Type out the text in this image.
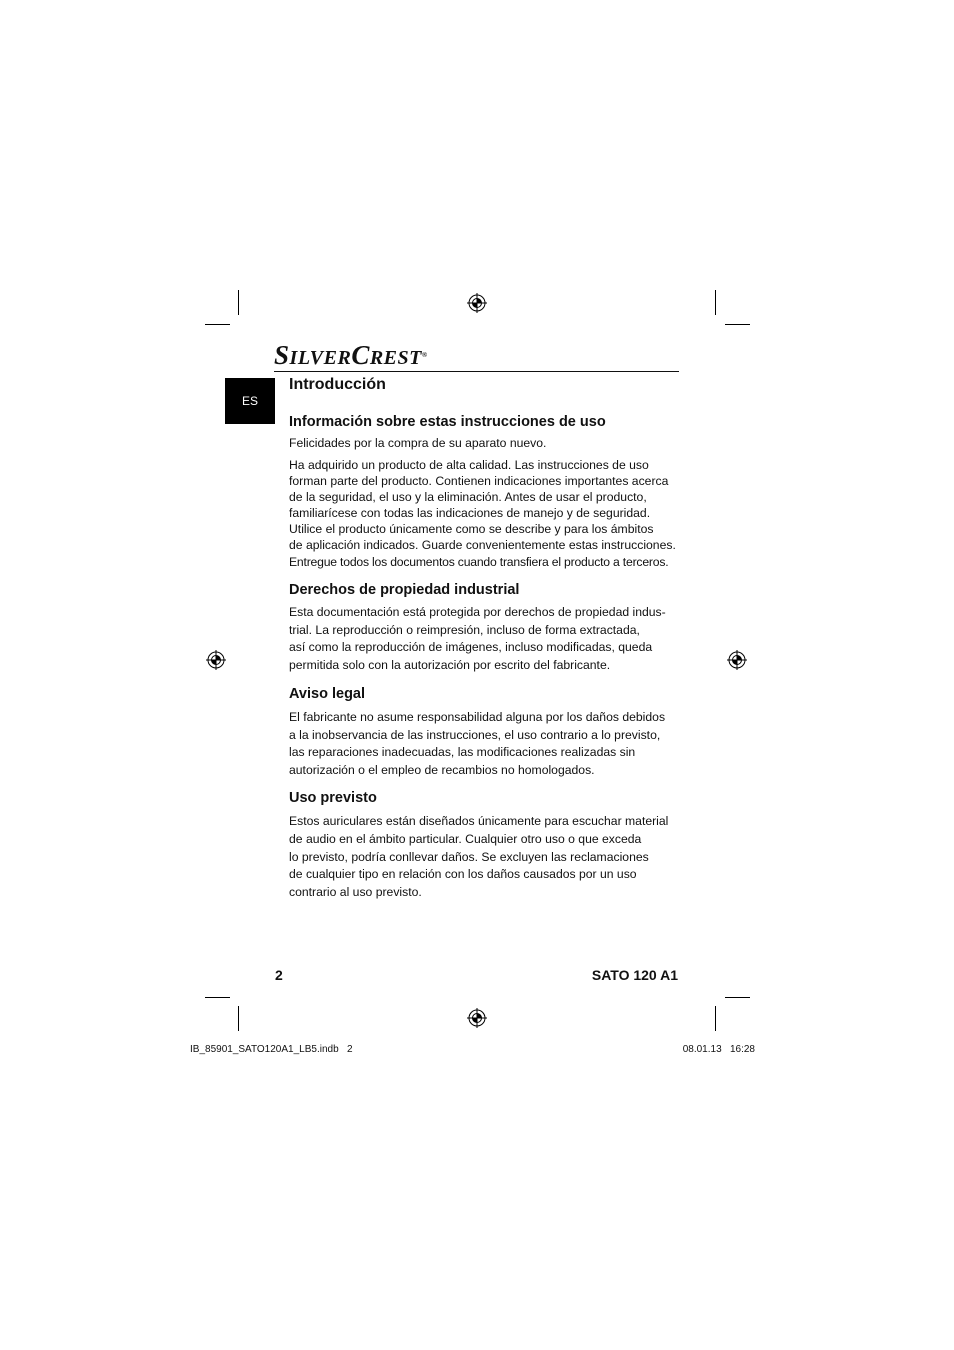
SILVERCREST®
ES
Introducción
Información sobre estas instrucciones de uso
Felicidades por la compra de su aparato nuevo.
Ha adquirido un producto de alta calidad. Las instrucciones de uso
forman parte del producto. Contienen indicaciones importantes acerca
de la seguridad, el uso y la eliminación. Antes de usar el producto,
familiarícese con todas las indicaciones de manejo y de seguridad.
Utilice el producto únicamente como se describe y para los ámbitos
de aplicación indicados. Guarde convenientemente estas instrucciones.
Entregue todos los documentos cuando transfiera el producto a terceros.
Derechos de propiedad industrial
Esta documentación está protegida por derechos de propiedad indus-
trial. La reproducción o reimpresión, incluso de forma extractada,
así como la reproducción de imágenes, incluso modificadas, queda
permitida solo con la autorización por escrito del fabricante.
Aviso legal
El fabricante no asume responsabilidad alguna por los daños debidos
a la inobservancia de las instrucciones, el uso contrario a lo previsto,
las reparaciones inadecuadas, las modificaciones realizadas sin
autorización o el empleo de recambios no homologados.
Uso previsto
Estos auriculares están diseñados únicamente para escuchar material
de audio en el ámbito particular. Cualquier otro uso o que exceda
lo previsto, podría conllevar daños. Se excluyen las reclamaciones
de cualquier tipo en relación con los daños causados por un uso
contrario al uso previsto.
2	SATO 120 A1
IB_85901_SATO120A1_LB5.indb   2	08.01.13   16:28
